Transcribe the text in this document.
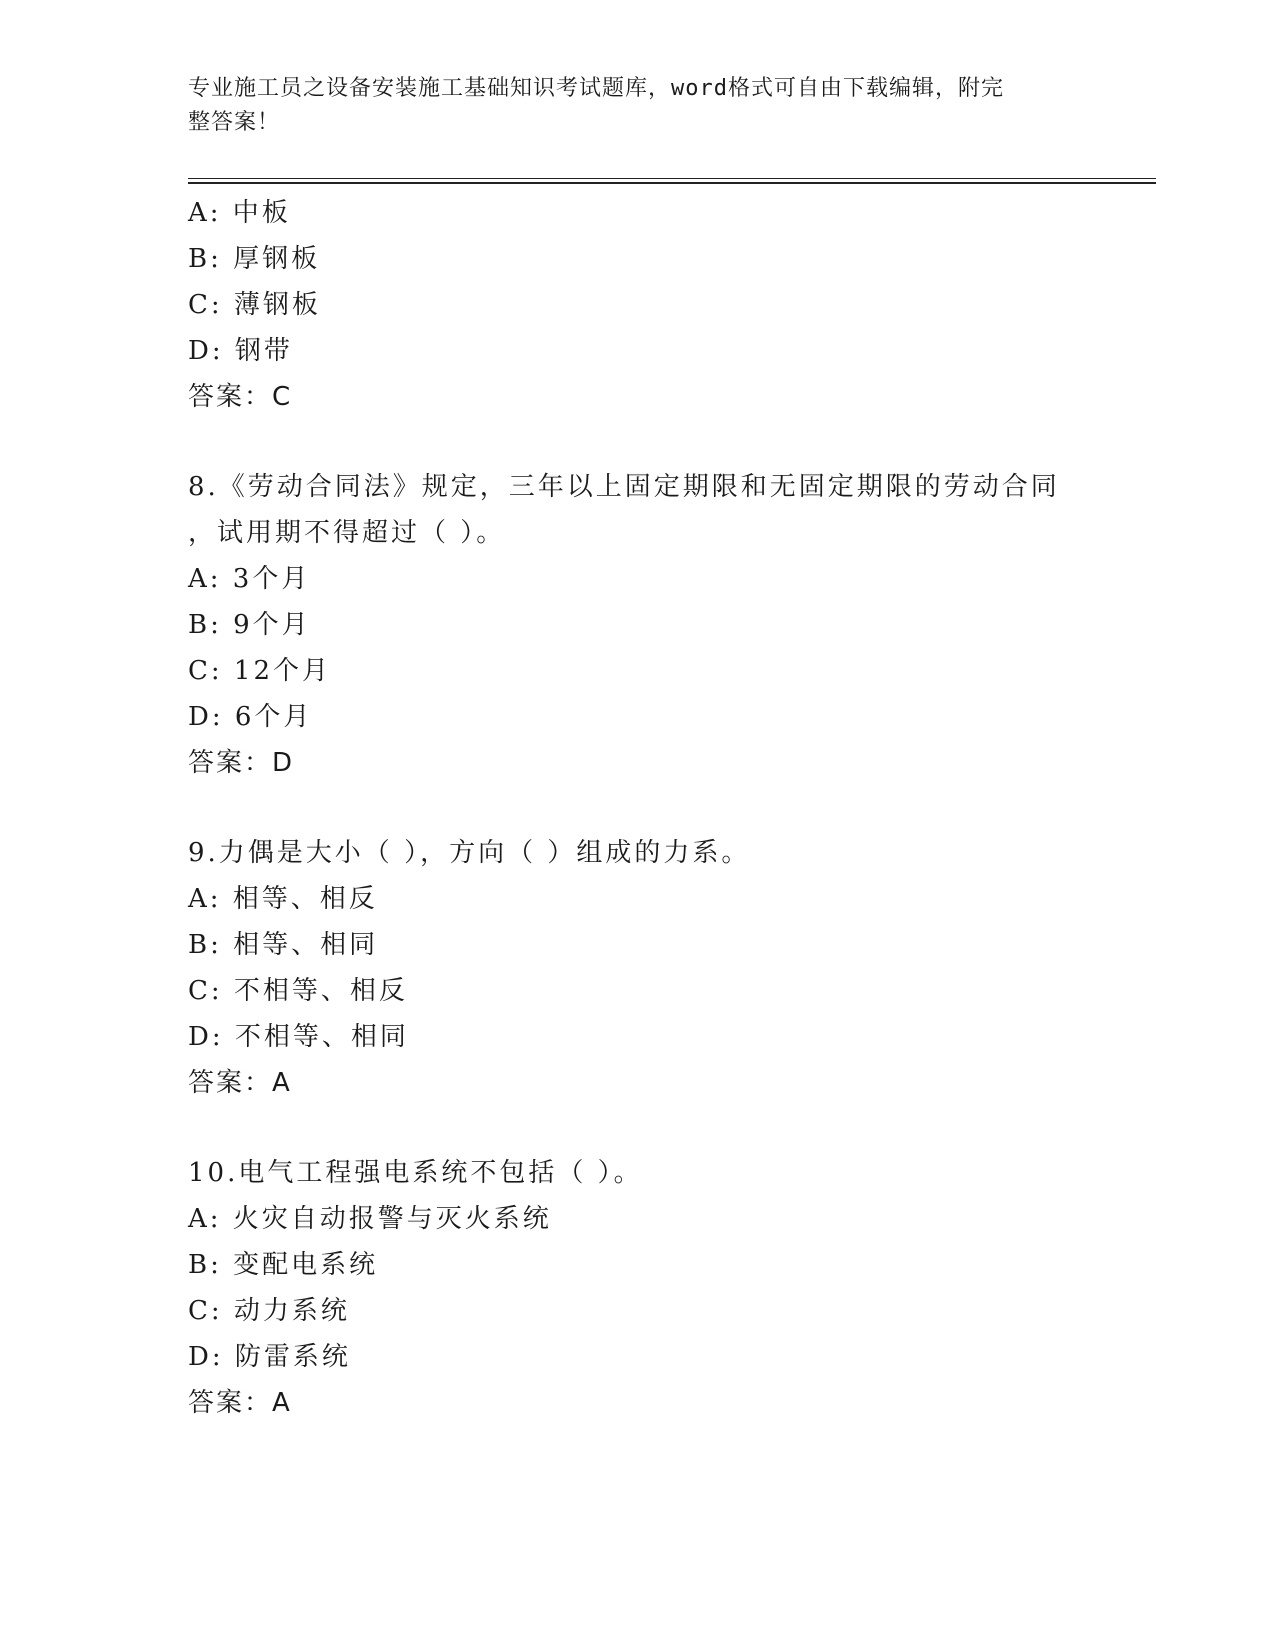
专业施工员之设备安装施工基础知识考试题库，word格式可自由下载编辑，附完
整答案！
A: 中板
B: 厚钢板
C: 薄钢板
D: 钢带
答案：C
8.《劳动合同法》规定，三年以上固定期限和无固定期限的劳动合同
，试用期不得超过（ ）。
A: 3个月
B: 9个月
C: 12个月
D: 6个月
答案：D
9.力偶是大小（ ），方向（ ）组成的力系。
A: 相等、相反
B: 相等、相同
C: 不相等、相反
D: 不相等、相同
答案：A
10.电气工程强电系统不包括（ ）。
A: 火灾自动报警与灭火系统
B: 变配电系统
C: 动力系统
D: 防雷系统
答案：A
